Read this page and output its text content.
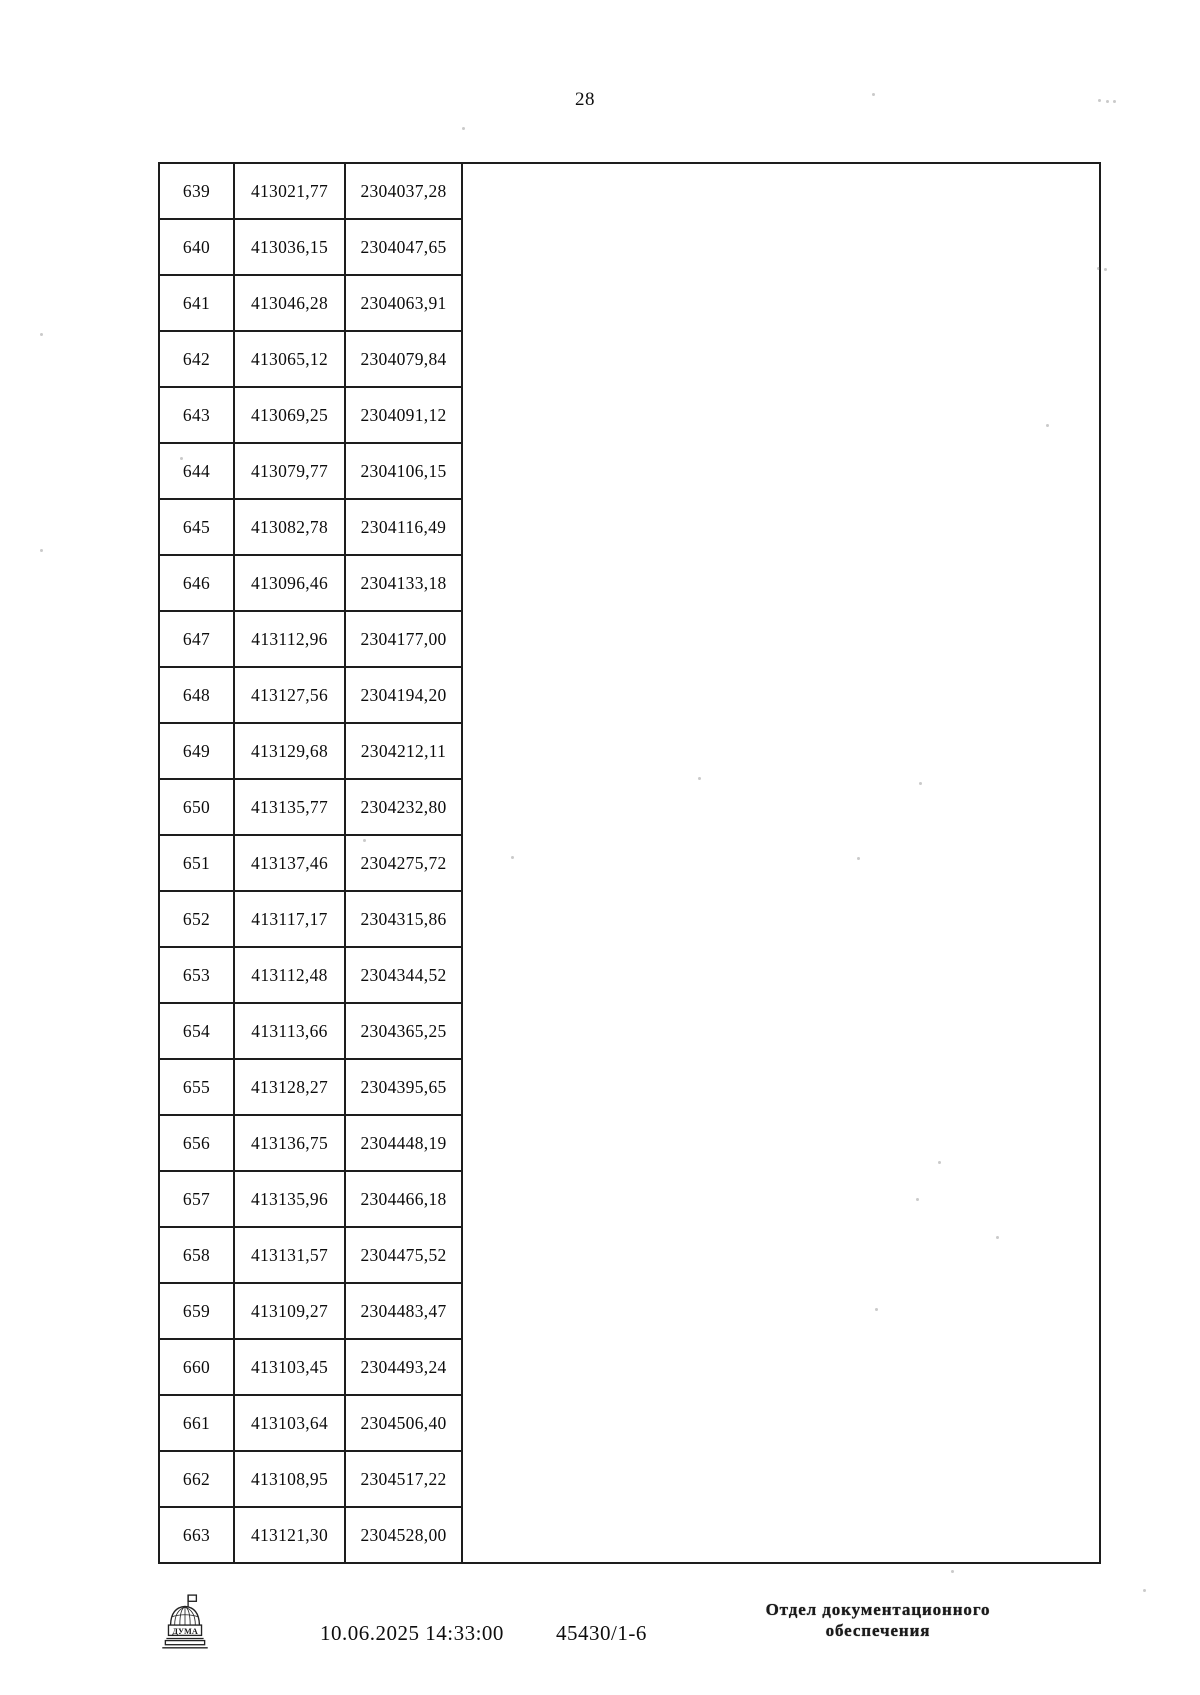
28
639	413021,77	2304037,28	
640	413036,15	2304047,65	
641	413046,28	2304063,91	
642	413065,12	2304079,84	
643	413069,25	2304091,12	
644	413079,77	2304106,15	
645	413082,78	2304116,49	
646	413096,46	2304133,18	
647	413112,96	2304177,00	
648	413127,56	2304194,20	
649	413129,68	2304212,11	
650	413135,77	2304232,80	
651	413137,46	2304275,72	
652	413117,17	2304315,86	
653	413112,48	2304344,52	
654	413113,66	2304365,25	
655	413128,27	2304395,65	
656	413136,75	2304448,19	
657	413135,96	2304466,18	
658	413131,57	2304475,52	
659	413109,27	2304483,47	
660	413103,45	2304493,24	
661	413103,64	2304506,40	
662	413108,95	2304517,22	
663	413121,30	2304528,00	
ДУМА	10.06.2025 14:33:00 45430/1-6
Отдел документационного
обеспечения
